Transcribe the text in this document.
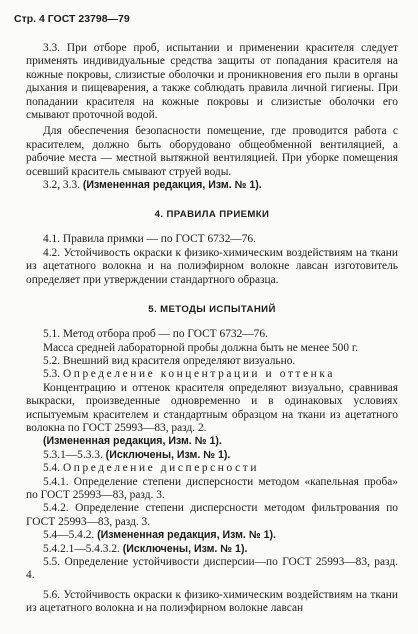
Стр. 4 ГОСТ 23798—79

3.3. При отборе проб, испытании и применении красителя следует применять индивидуальные средства защиты от попадания красителя на кожные покровы, слизистые оболочки и проникновения его пыли в органы дыхания и пищеварения, а также соблюдать правила личной гигиены. При попадании красителя на кожные покровы и слизистые оболочки его смывают проточной водой.

Для обеспечения безопасности помещение, где проводится работа с красителем, должно быть оборудовано общеобменной вентиляцией, а рабочие места — местной вытяжной вентиляцией. При уборке помещения осевший краситель смывают струей воды.

3.2, 3.3. (Измененная редакция, Изм. № 1).

4. ПРАВИЛА ПРИЕМКИ

4.1. Правила примки — по ГОСТ 6732—76.

4.2. Устойчивость окраски к физико-химическим воздействиям на ткани из ацетатного волокна и на полиэфирном волокне лавсан изготовитель определяет при утверждении стандартного образца.

5. МЕТОДЫ ИСПЫТАНИЙ

5.1. Метод отбора проб — по ГОСТ 6732—76.

Масса средней лабораторной пробы должна быть не менее 500 г.

5.2. Внешний вид красителя определяют визуально.

5.3. Определение концентрации и оттенка

Концентрацию и оттенок красителя определяют визуально, сравнивая выкраски, произведенные одновременно и в одинаковых условиях испытуемым красителем и стандартным образцом на ткани из ацетатного волокна по ГОСТ 25993—83, разд. 2.

(Измененная редакция, Изм. № 1).

5.3.1—5.3.3. (Исключены, Изм. № 1).

5.4. Определение дисперсности

5.4.1. Определение степени дисперсности методом «капельная проба» по ГОСТ 25993—83, разд. 3.

5.4.2. Определение степени дисперсности методом фильтрования по ГОСТ 25993—83, разд. 3.

5.4—5.4.2. (Измененная редакция, Изм. № 1).

5.4.2.1—5.4.3.2. (Исключены, Изм. № 1).

5.5. Определение устойчивости дисперсии—по ГОСТ 25993—83, разд. 4.

5.6. Устойчивость окраски к физико-химическим воздействиям на ткани из ацетатного волокна и на полиэфирном волокне лавсан
